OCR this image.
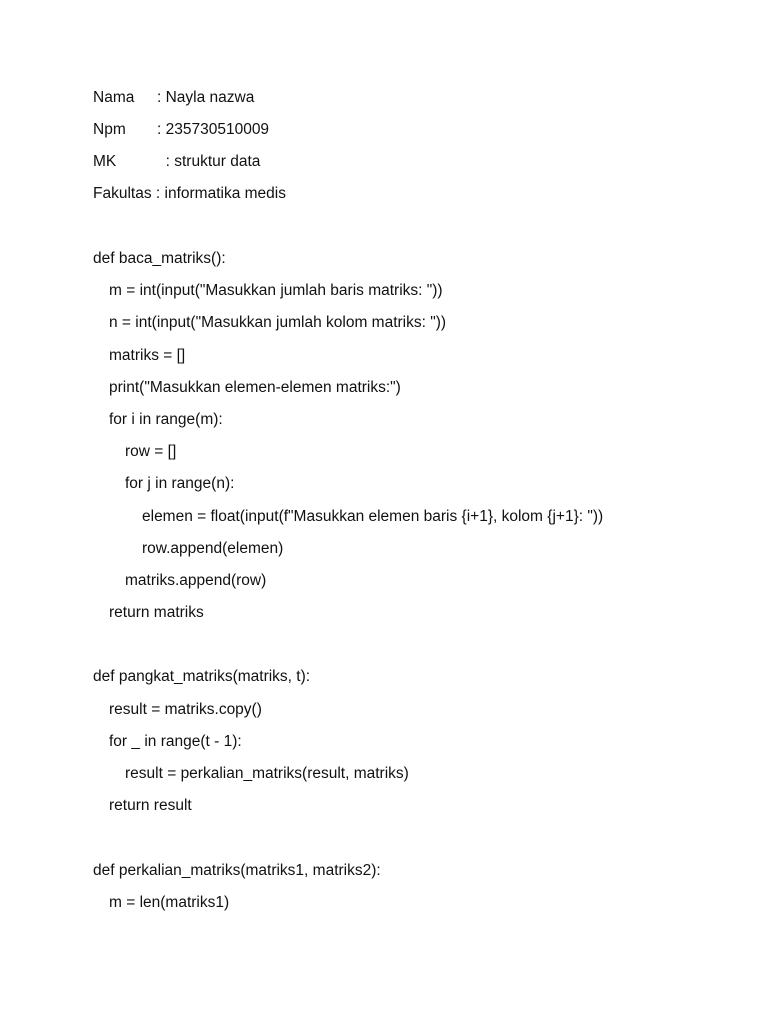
Nama	: Nayla nazwa
Npm	: 235730510009
MK	: struktur data
Fakultas : informatika medis
def baca_matriks():
m = int(input("Masukkan jumlah baris matriks: "))
n = int(input("Masukkan jumlah kolom matriks: "))
matriks = []
print("Masukkan elemen-elemen matriks:")
for i in range(m):
row = []
for j in range(n):
elemen = float(input(f"Masukkan elemen baris {i+1}, kolom {j+1}: "))
row.append(elemen)
matriks.append(row)
return matriks
def pangkat_matriks(matriks, t):
result = matriks.copy()
for _ in range(t - 1):
result = perkalian_matriks(result, matriks)
return result
def perkalian_matriks(matriks1, matriks2):
m = len(matriks1)
